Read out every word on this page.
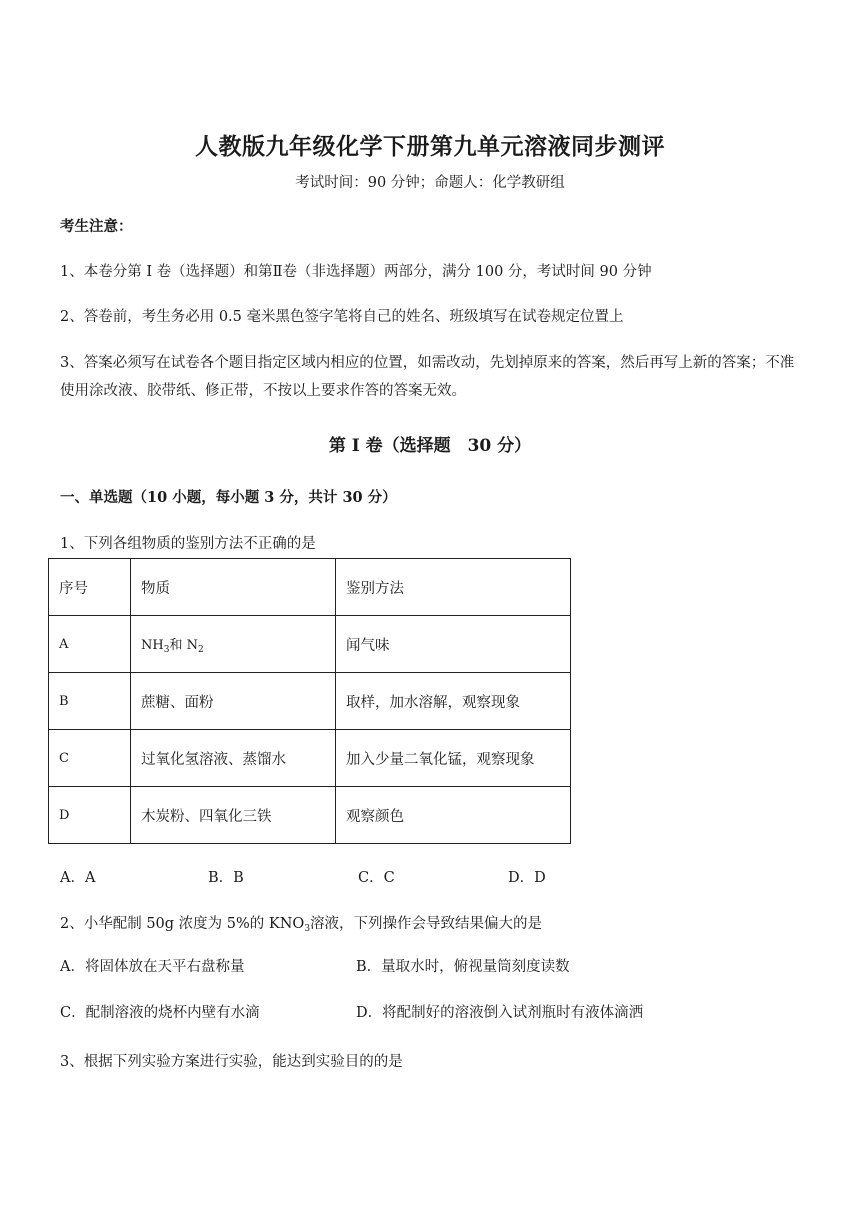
人教版九年级化学下册第九单元溶液同步测评
考试时间：90 分钟；命题人：化学教研组
考生注意：
1、本卷分第 I 卷（选择题）和第Ⅱ卷（非选择题）两部分，满分 100 分，考试时间 90 分钟
2、答卷前，考生务必用 0.5 毫米黑色签字笔将自己的姓名、班级填写在试卷规定位置上
3、答案必须写在试卷各个题目指定区域内相应的位置，如需改动，先划掉原来的答案，然后再写上新的答案；不准使用涂改液、胶带纸、修正带，不按以上要求作答的答案无效。
第 I 卷（选择题　30 分）
一、单选题（10 小题，每小题 3 分，共计 30 分）
1、下列各组物质的鉴别方法不正确的是
序号	物质	鉴别方法
A	$NH_3$和 $N_2$	闻气味
B	蔗糖、面粉	取样，加水溶解，观察现象
C	过氧化氢溶液、蒸馏水	加入少量二氧化锰，观察现象
D	木炭粉、四氧化三铁	观察颜色
A．A	B．B	C．C	D．D
2、小华配制 50g 浓度为 5%的 $KNO_3$溶液，下列操作会导致结果偏大的是
A．将固体放在天平右盘称量	B．量取水时，俯视量筒刻度读数
C．配制溶液的烧杯内壁有水滴	D．将配制好的溶液倒入试剂瓶时有液体滴洒
3、根据下列实验方案进行实验，能达到实验目的的是
